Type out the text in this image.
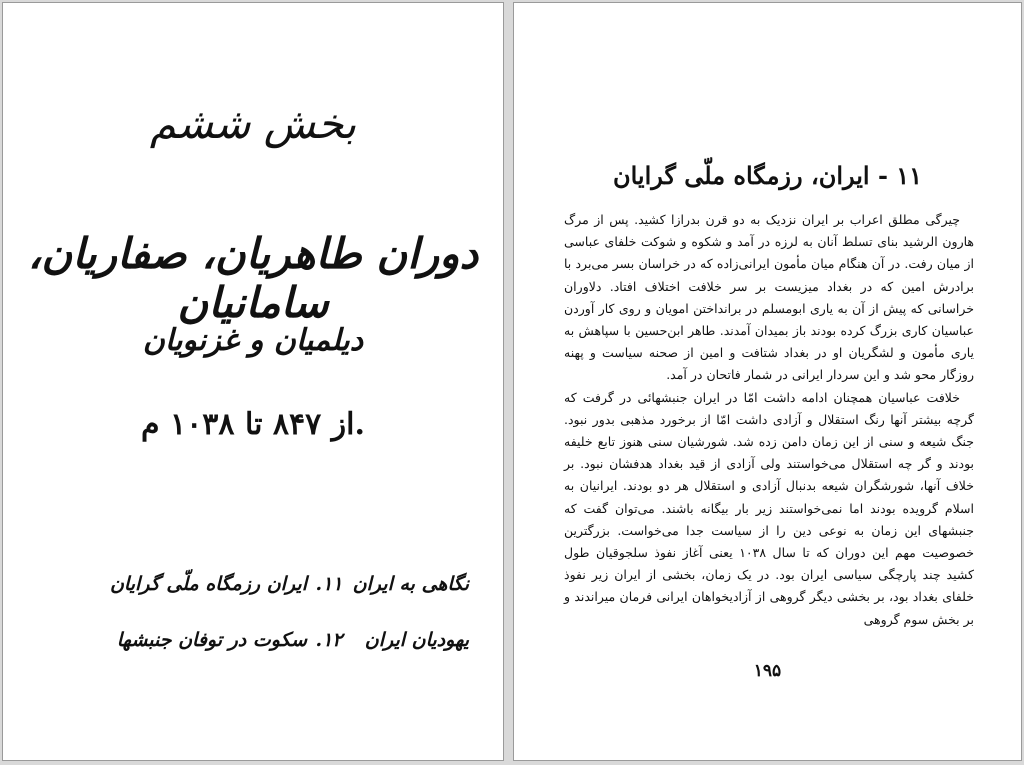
بخش ششم
دوران طاهریان، صفاریان، سامانیان
دیلمیان و غزنویان
از ۸۴۷ تا ۱۰۳۸ م.
نگاهی به ایران
۱۱.
ایران رزمگاه ملّی گرایان
یهودیان ایران
۱۲.
سکوت در توفان جنبشها
۱۱ - ایران، رزمگاه ملّی گرایان

چیرگی مطلق اعراب بر ایران نزدیک به دو قرن بدرازا کشید. پس از مرگ هارون الرشید بنای تسلط آنان به لرزه در آمد و شکوه و شوکت خلفای عباسی از میان رفت. در آن هنگام میان مأمون ایرانی‌زاده که در خراسان بسر می‌برد با برادرش امین که در بغداد میزیست بر سر خلافت اختلاف افتاد. دلاوران خراسانی که پیش از آن به یاری ابومسلم در برانداختن امویان و روی کار آوردن عباسیان کاری بزرگ کرده بودند باز بمیدان آمدند. طاهر ابن‌حسین با سپاهش به یاری مأمون و لشگریان او در بغداد شتافت و امین از صحنه سیاست و پهنه روزگار محو شد و این سردار ایرانی در شمار فاتحان در آمد.

خلافت عباسیان همچنان ادامه داشت امّا در ایران جنبشهائی در گرفت که گرچه بیشتر آنها رنگ استقلال و آزادی داشت امّا از برخورد مذهبی بدور نبود. جنگ شیعه و سنی از این زمان دامن زده شد. شورشیان سنی هنوز تابع خلیفه بودند و گر چه استقلال می‌خواستند ولی آزادی از قید بغداد هدفشان نبود. بر خلاف آنها، شورشگران شیعه بدنبال آزادی و استقلال هر دو بودند. ایرانیان به اسلام گرویده بودند اما نمی‌خواستند زیر بار بیگانه باشند. می‌توان گفت که جنبشهای این زمان به نوعی دین را از سیاست جدا می‌خواست. بزرگترین خصوصیت مهم این دوران که تا سال ۱۰۳۸ یعنی آغاز نفوذ سلجوقیان طول کشید چند پارچگی سیاسی ایران بود. در یک زمان، بخشی از ایران زیر نفوذ خلفای بغداد بود، بر بخشی دیگر گروهی از آزادیخواهان ایرانی فرمان میراندند و بر بخش سوم گروهی

۱۹۵
